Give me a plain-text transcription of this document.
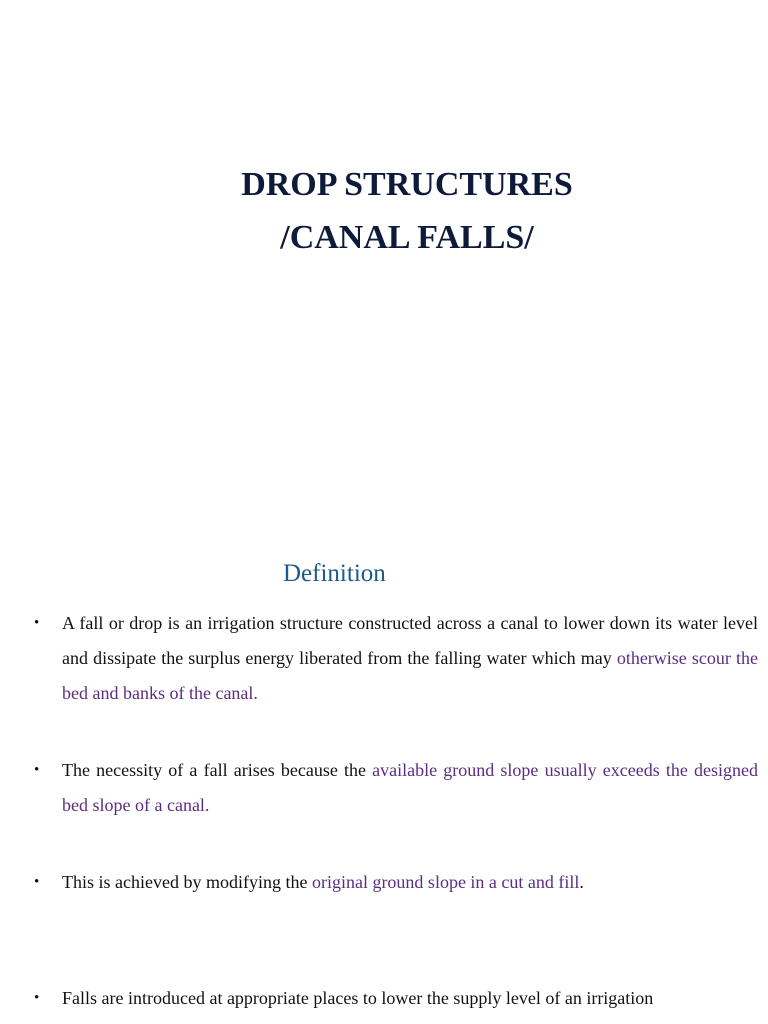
DROP STRUCTURES
/CANAL FALLS/
Definition
• A fall or drop is an irrigation structure constructed across a canal to lower down its water level and dissipate the surplus energy liberated from the falling water which may otherwise scour the bed and banks of the canal.
• The necessity of a fall arises because the available ground slope usually exceeds the designed bed slope of a canal.
• This is achieved by modifying the original ground slope in a cut and fill.
• Falls are introduced at appropriate places to lower the supply level of an irrigation
